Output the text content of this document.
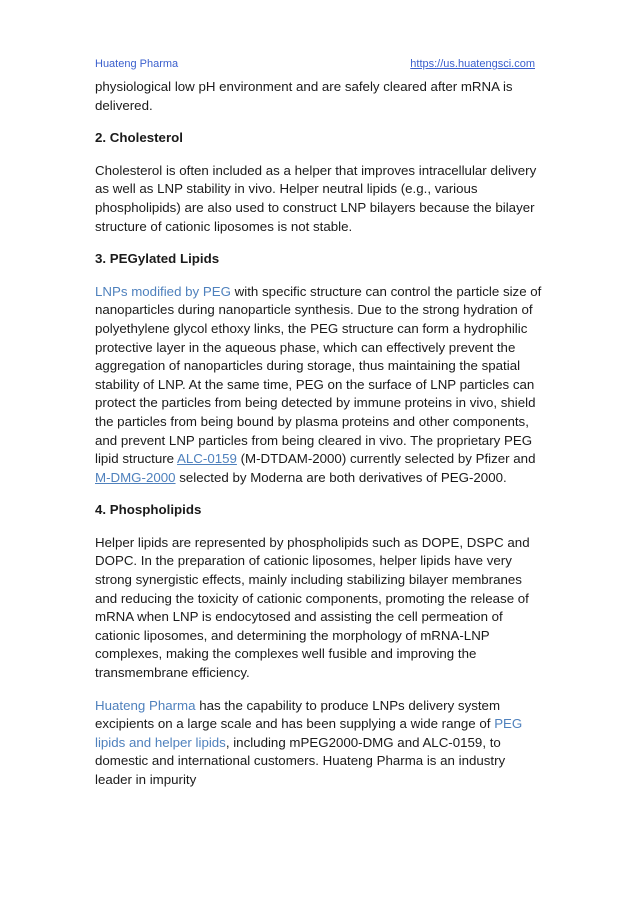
Huateng Pharma	https://us.huatengsci.com

physiological low pH environment and are safely cleared after mRNA is delivered.

2. Cholesterol

Cholesterol is often included as a helper that improves intracellular delivery as well as LNP stability in vivo. Helper neutral lipids (e.g., various phospholipids) are also used to construct LNP bilayers because the bilayer structure of cationic liposomes is not stable.

3. PEGylated Lipids

LNPs modified by PEG with specific structure can control the particle size of nanoparticles during nanoparticle synthesis. Due to the strong hydration of polyethylene glycol ethoxy links, the PEG structure can form a hydrophilic protective layer in the aqueous phase, which can effectively prevent the aggregation of nanoparticles during storage, thus maintaining the spatial stability of LNP. At the same time, PEG on the surface of LNP particles can protect the particles from being detected by immune proteins in vivo, shield the particles from being bound by plasma proteins and other components, and prevent LNP particles from being cleared in vivo. The proprietary PEG lipid structure ALC-0159 (M-DTDAM-2000) currently selected by Pfizer and M-DMG-2000 selected by Moderna are both derivatives of PEG-2000.

4. Phospholipids

Helper lipids are represented by phospholipids such as DOPE, DSPC and DOPC. In the preparation of cationic liposomes, helper lipids have very strong synergistic effects, mainly including stabilizing bilayer membranes and reducing the toxicity of cationic components, promoting the release of mRNA when LNP is endocytosed and assisting the cell permeation of cationic liposomes, and determining the morphology of mRNA-LNP complexes, making the complexes well fusible and improving the transmembrane efficiency.

Huateng Pharma has the capability to produce LNPs delivery system excipients on a large scale and has been supplying a wide range of PEG lipids and helper lipids, including mPEG2000-DMG and ALC-0159, to domestic and international customers. Huateng Pharma is an industry leader in impurity
